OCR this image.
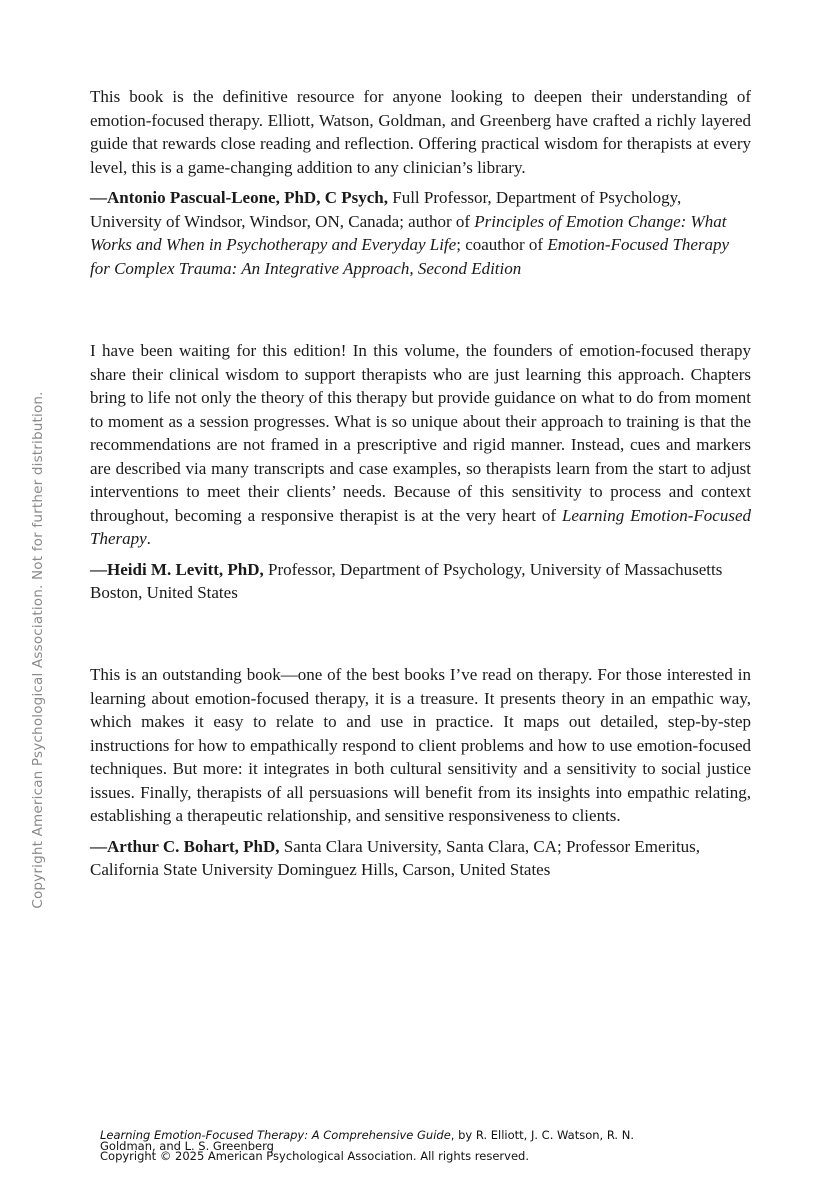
Copyright American Psychological Association. Not for further distribution.

This book is the definitive resource for anyone looking to deepen their understanding of emotion-focused therapy. Elliott, Watson, Goldman, and Greenberg have crafted a richly layered guide that rewards close reading and reflection. Offering practical wisdom for therapists at every level, this is a game-changing addition to any clinician’s library.

—Antonio Pascual-Leone, PhD, C Psych, Full Professor, Department of Psychology, University of Windsor, Windsor, ON, Canada; author of Principles of Emotion Change: What Works and When in Psychotherapy and Everyday Life; coauthor of Emotion-Focused Therapy for Complex Trauma: An Integrative Approach, Second Edition

I have been waiting for this edition! In this volume, the founders of emotion-focused therapy share their clinical wisdom to support therapists who are just learning this approach. Chapters bring to life not only the theory of this therapy but provide guidance on what to do from moment to moment as a session progresses. What is so unique about their approach to training is that the recommendations are not framed in a prescriptive and rigid manner. Instead, cues and markers are described via many transcripts and case examples, so therapists learn from the start to adjust interventions to meet their clients’ needs. Because of this sensitivity to process and context throughout, becoming a responsive therapist is at the very heart of Learning Emotion-Focused Therapy.

—Heidi M. Levitt, PhD, Professor, Department of Psychology, University of Massachusetts Boston, United States

This is an outstanding book—one of the best books I’ve read on therapy. For those interested in learning about emotion-focused therapy, it is a treasure. It presents theory in an empathic way, which makes it easy to relate to and use in practice. It maps out detailed, step-by-step instructions for how to empathically respond to client problems and how to use emotion-focused techniques. But more: it integrates in both cultural sensitivity and a sensitivity to social justice issues. Finally, therapists of all persuasions will benefit from its insights into empathic relating, establishing a therapeutic relationship, and sensitive responsiveness to clients.

—Arthur C. Bohart, PhD, Santa Clara University, Santa Clara, CA; Professor Emeritus, California State University Dominguez Hills, Carson, United States

Learning Emotion-Focused Therapy: A Comprehensive Guide, by R. Elliott, J. C. Watson, R. N. Goldman, and L. S. Greenberg

Copyright © 2025 American Psychological Association. All rights reserved.
